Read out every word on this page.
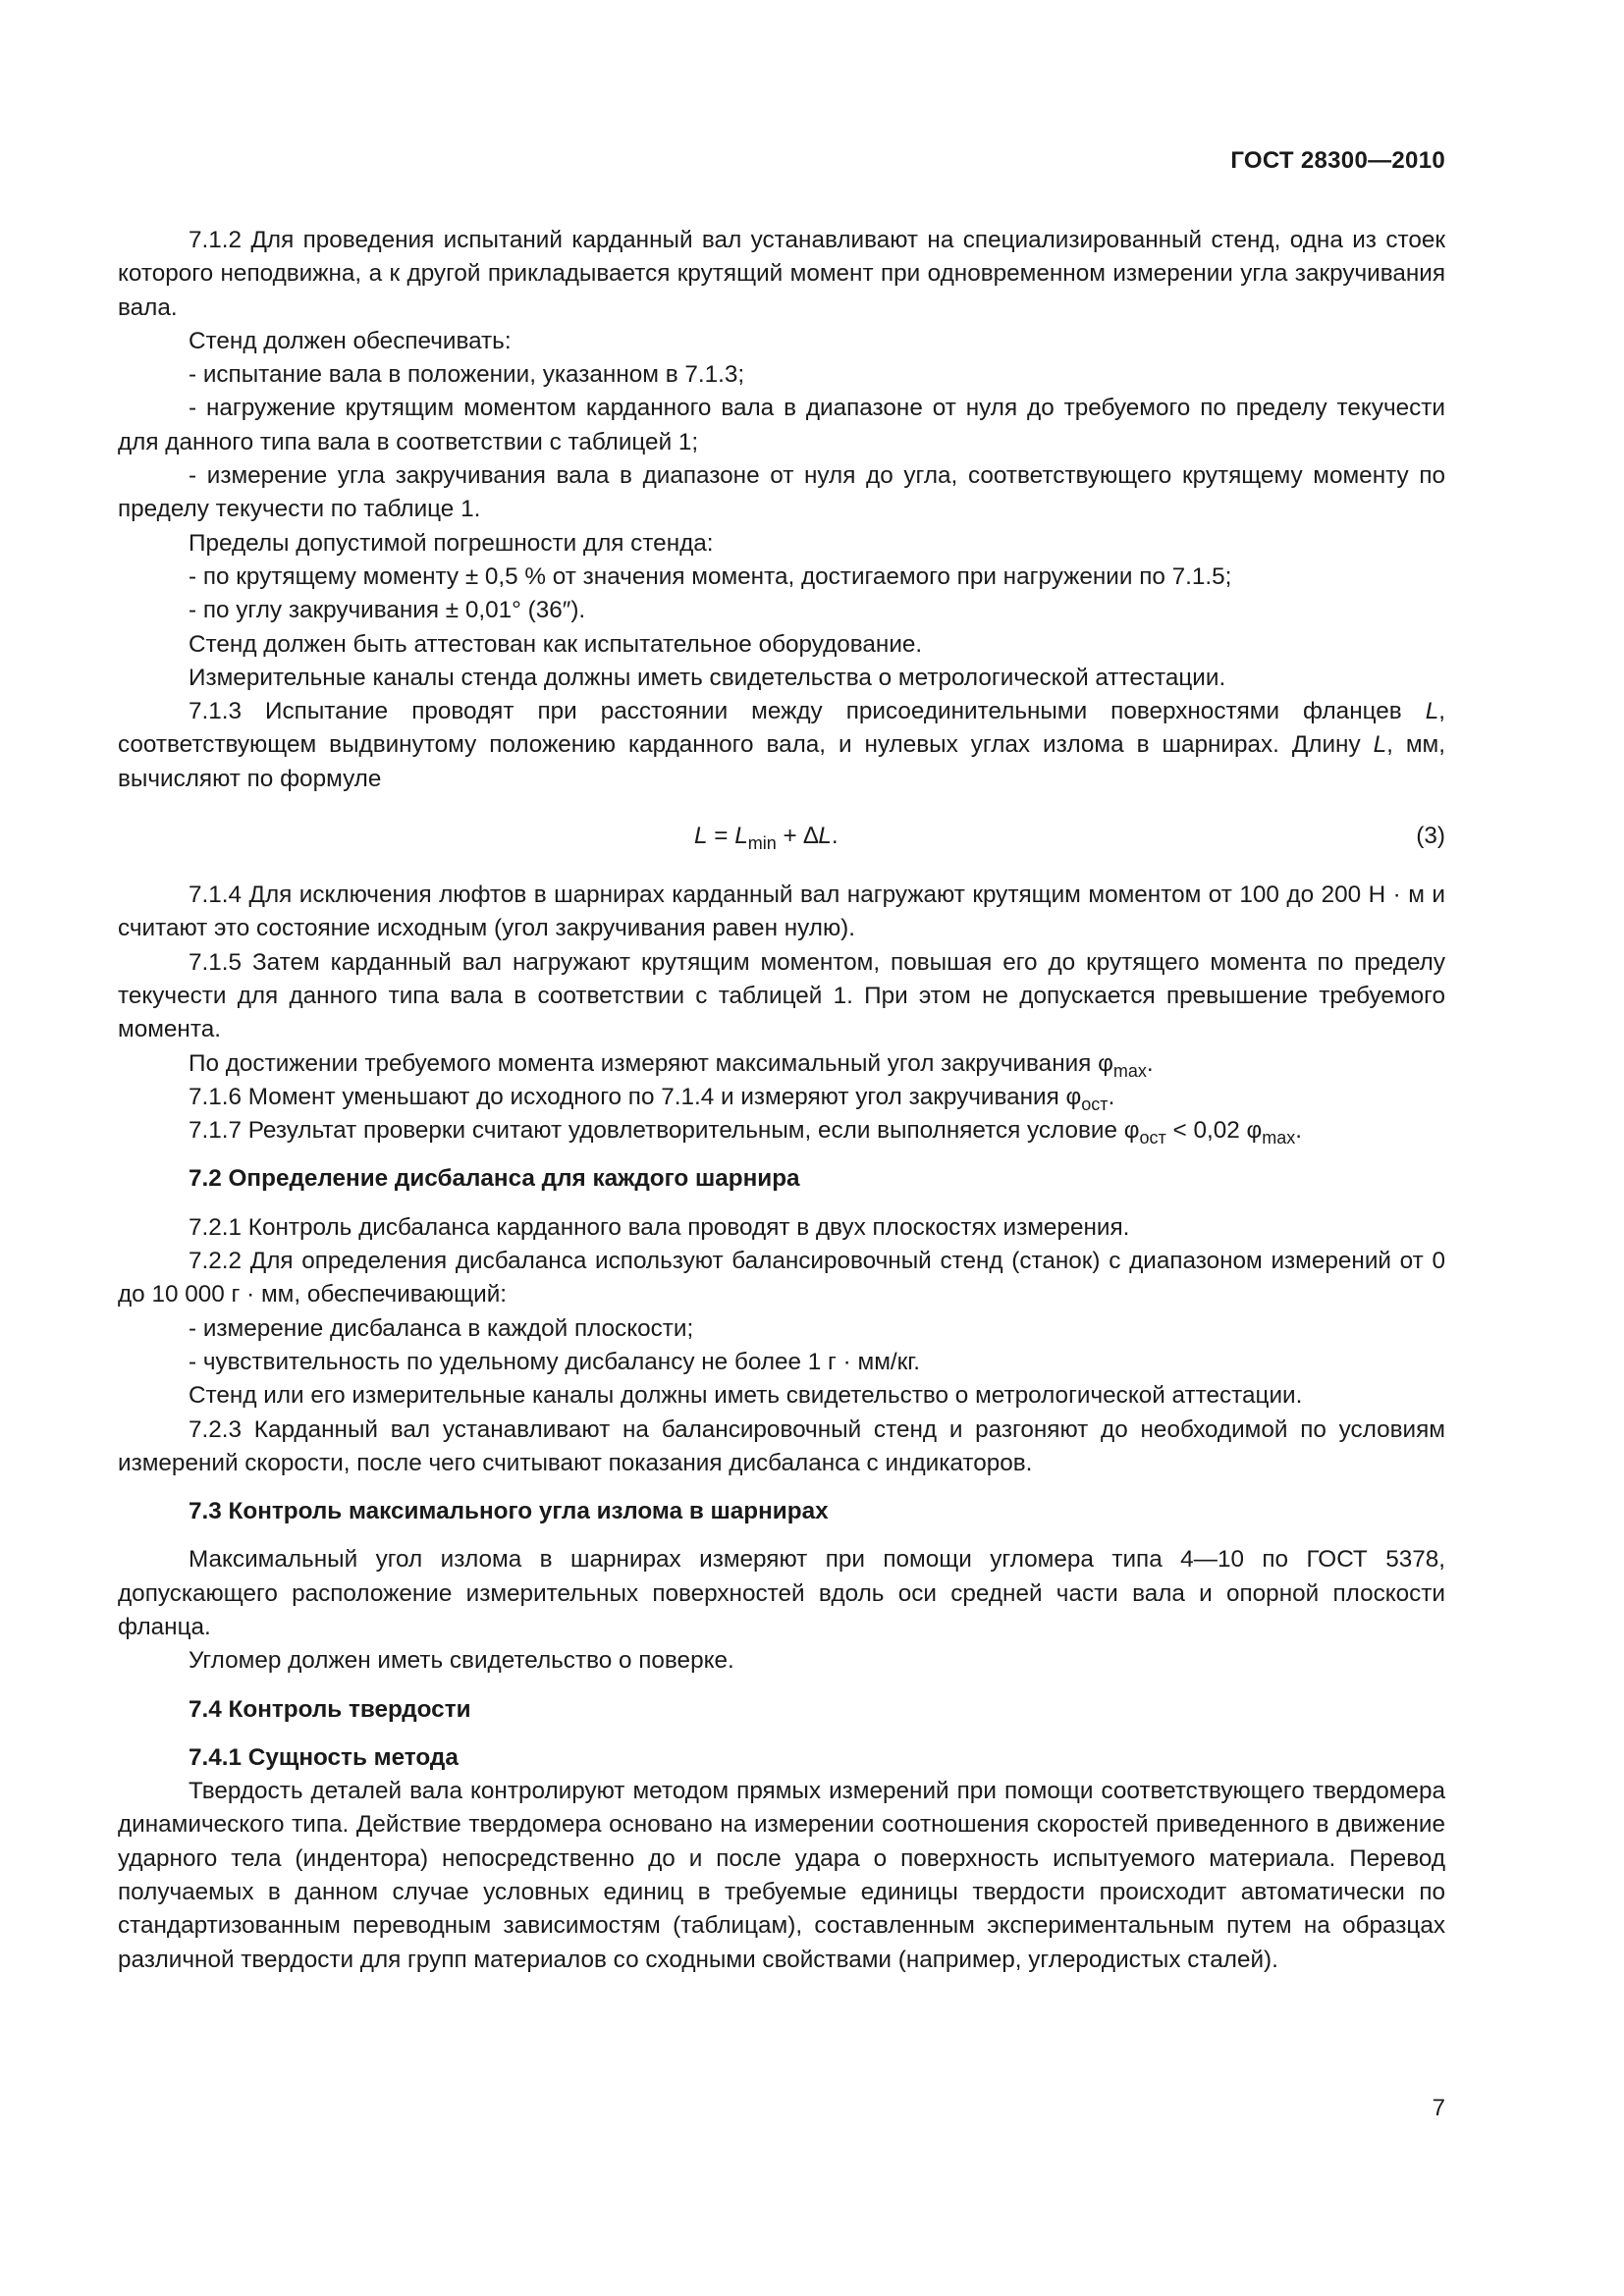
ГОСТ 28300—2010

7.1.2 Для проведения испытаний карданный вал устанавливают на специализированный стенд, одна из стоек которого неподвижна, а к другой прикладывается крутящий момент при одновременном измерении угла закручивания вала.

Стенд должен обеспечивать:

- испытание вала в положении, указанном в 7.1.3;

- нагружение крутящим моментом карданного вала в диапазоне от нуля до требуемого по пределу текучести для данного типа вала в соответствии с таблицей 1;

- измерение угла закручивания вала в диапазоне от нуля до угла, соответствующего крутящему моменту по пределу текучести по таблице 1.

Пределы допустимой погрешности для стенда:

- по крутящему моменту ± 0,5 % от значения момента, достигаемого при нагружении по 7.1.5;

- по углу закручивания ± 0,01° (36″).

Стенд должен быть аттестован как испытательное оборудование.

Измерительные каналы стенда должны иметь свидетельства о метрологической аттестации.

7.1.3 Испытание проводят при расстоянии между присоединительными поверхностями фланцев L, соответствующем выдвинутому положению карданного вала, и нулевых углах излома в шарнирах. Длину L, мм, вычисляют по формуле

$L = L_{min} + \Delta L$.	(3)

7.1.4 Для исключения люфтов в шарнирах карданный вал нагружают крутящим моментом от 100 до 200 Н · м и считают это состояние исходным (угол закручивания равен нулю).

7.1.5 Затем карданный вал нагружают крутящим моментом, повышая его до крутящего момента по пределу текучести для данного типа вала в соответствии с таблицей 1. При этом не допускается превышение требуемого момента.

По достижении требуемого момента измеряют максимальный угол закручивания $\varphi_{max}$.

7.1.6 Момент уменьшают до исходного по 7.1.4 и измеряют угол закручивания $\varphi_{ост}$.

7.1.7 Результат проверки считают удовлетворительным, если выполняется условие $\varphi_{ост} < 0,02$ $\varphi_{max}$.

7.2 Определение дисбаланса для каждого шарнира

7.2.1 Контроль дисбаланса карданного вала проводят в двух плоскостях измерения.

7.2.2 Для определения дисбаланса используют балансировочный стенд (станок) с диапазоном измерений от 0 до 10 000 г · мм, обеспечивающий:

- измерение дисбаланса в каждой плоскости;

- чувствительность по удельному дисбалансу не более 1 г · мм/кг.

Стенд или его измерительные каналы должны иметь свидетельство о метрологической аттестации.

7.2.3 Карданный вал устанавливают на балансировочный стенд и разгоняют до необходимой по условиям измерений скорости, после чего считывают показания дисбаланса с индикаторов.

7.3 Контроль максимального угла излома в шарнирах

Максимальный угол излома в шарнирах измеряют при помощи угломера типа 4—10 по ГОСТ 5378, допускающего расположение измерительных поверхностей вдоль оси средней части вала и опорной плоскости фланца.

Угломер должен иметь свидетельство о поверке.

7.4 Контроль твердости

7.4.1 Сущность метода

Твердость деталей вала контролируют методом прямых измерений при помощи соответствующего твердомера динамического типа. Действие твердомера основано на измерении соотношения скоростей приведенного в движение ударного тела (индентора) непосредственно до и после удара о поверхность испытуемого материала. Перевод получаемых в данном случае условных единиц в требуемые единицы твердости происходит автоматически по стандартизованным переводным зависимостям (таблицам), составленным экспериментальным путем на образцах различной твердости для групп материалов со сходными свойствами (например, углеродистых сталей).

7
